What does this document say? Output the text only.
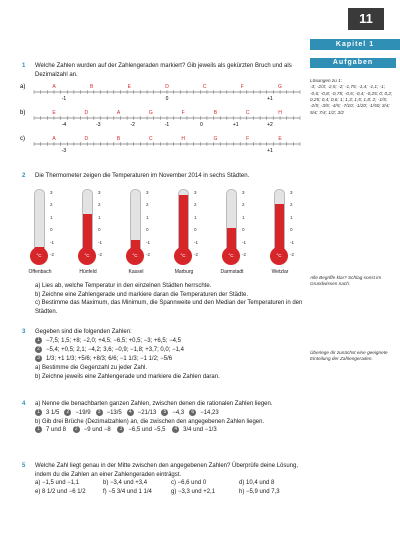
11
Kapitel 1
Aufgaben
Lösungen zu 1:
-3; -2/3; -2,5; -2; -1,75; -1,4; -1,1; -1; -0,6; -0,8; -0,75; -0,5; -0,4; -0,25; 0; 0,2; 0,25; 0,4; 0,6; 1; 1,3; 1,5; 1,8; 2; -1/5; -2/5; -3/5; -4/5; -7/10; -1/20; -1/50; 3/4; 5/4; 7/4; 1/2; 3/2
Alle Begriffe klar? Schlag sonst im Grundwissen nach.
Überlege dir zunächst eine geeignete Einteilung der Zahlengeraden.
1 Welche Zahlen wurden auf der Zahlengeraden markiert? Gib jeweils als gekürzten Bruch und als Dezimalzahl an.
a)
b)
c)
A	B	E	D	C	F	G
-1	0	+1
E	D	A	G	F	B	C	H
-4	-3	-2	-1	0	+1	+2
A	D	B	C	H	G	F	E
-3	+1
2 Die Thermometer zeigen die Temperaturen im November 2014 in sechs Städten.
°C
3
2
1
0
-1
-2
Offenbach
°C
3
2
1
0
-1
-2
Hünfeld
°C
3
2
1
0
-1
-2
Kassel
°C
3
2
1
0
-1
-2
Marburg
°C
3
2
1
0
-1
-2
Darmstadt
°C
3
2
1
0
-1
-2
Wetzlar
a) Lies ab, welche Temperatur in den einzelnen Städten herrschte.
b) Zeichne eine Zahlengerade und markiere daran die Temperaturen der Städte.
c) Bestimme das Maximum, das Minimum, die Spannweite und den Median der Temperaturen in den Städten.
3 Gegeben sind die folgenden Zahlen:
1 −7,5; 1,5; +8; −2,0; +4,5; −6,5; +0,5; −3; +6,5; −4,5
2 −5,4; +0,5; 2,1; −4,2; 3,6; −0,9; −1,8; +3,7; 0,0; −1,4
3 1/3; +1 1/3; +5/6; +8/3; 6/6; −1 1/3; −1 1/2; −5/6
a) Bestimme die Gegenzahl zu jeder Zahl.
b) Zeichne jeweils eine Zahlengerade und markiere die Zahlen daran.
4 a) Nenne die benachbarten ganzen Zahlen, zwischen denen die rationalen Zahlen liegen.
1 3 1/5 2 −19/9 3 −13/5 4 −21/13 5 −4,3 6 −14,23
b) Gib drei Brüche (Dezimalzahlen) an, die zwischen den angegebenen Zahlen liegen.
1 7 und 8 2 −9 und −8 3 −6,5 und −5,5 4 3/4 und −1/3
5 Welche Zahl liegt genau in der Mitte zwischen den angegebenen Zahlen? Überprüfe deine Lösung, indem du die Zahlen an einer Zahlengeraden einträgst.
a) −1,5 und −1,1	b) −3,4 und +3,4	c) −6,6 und 0	d) 10,4 und 8
e) 8 1/2 und −6 1/2	f) −5 3/4 und 1 1/4	g) −3,3 und +2,1	h) −5,9 und 7,3
